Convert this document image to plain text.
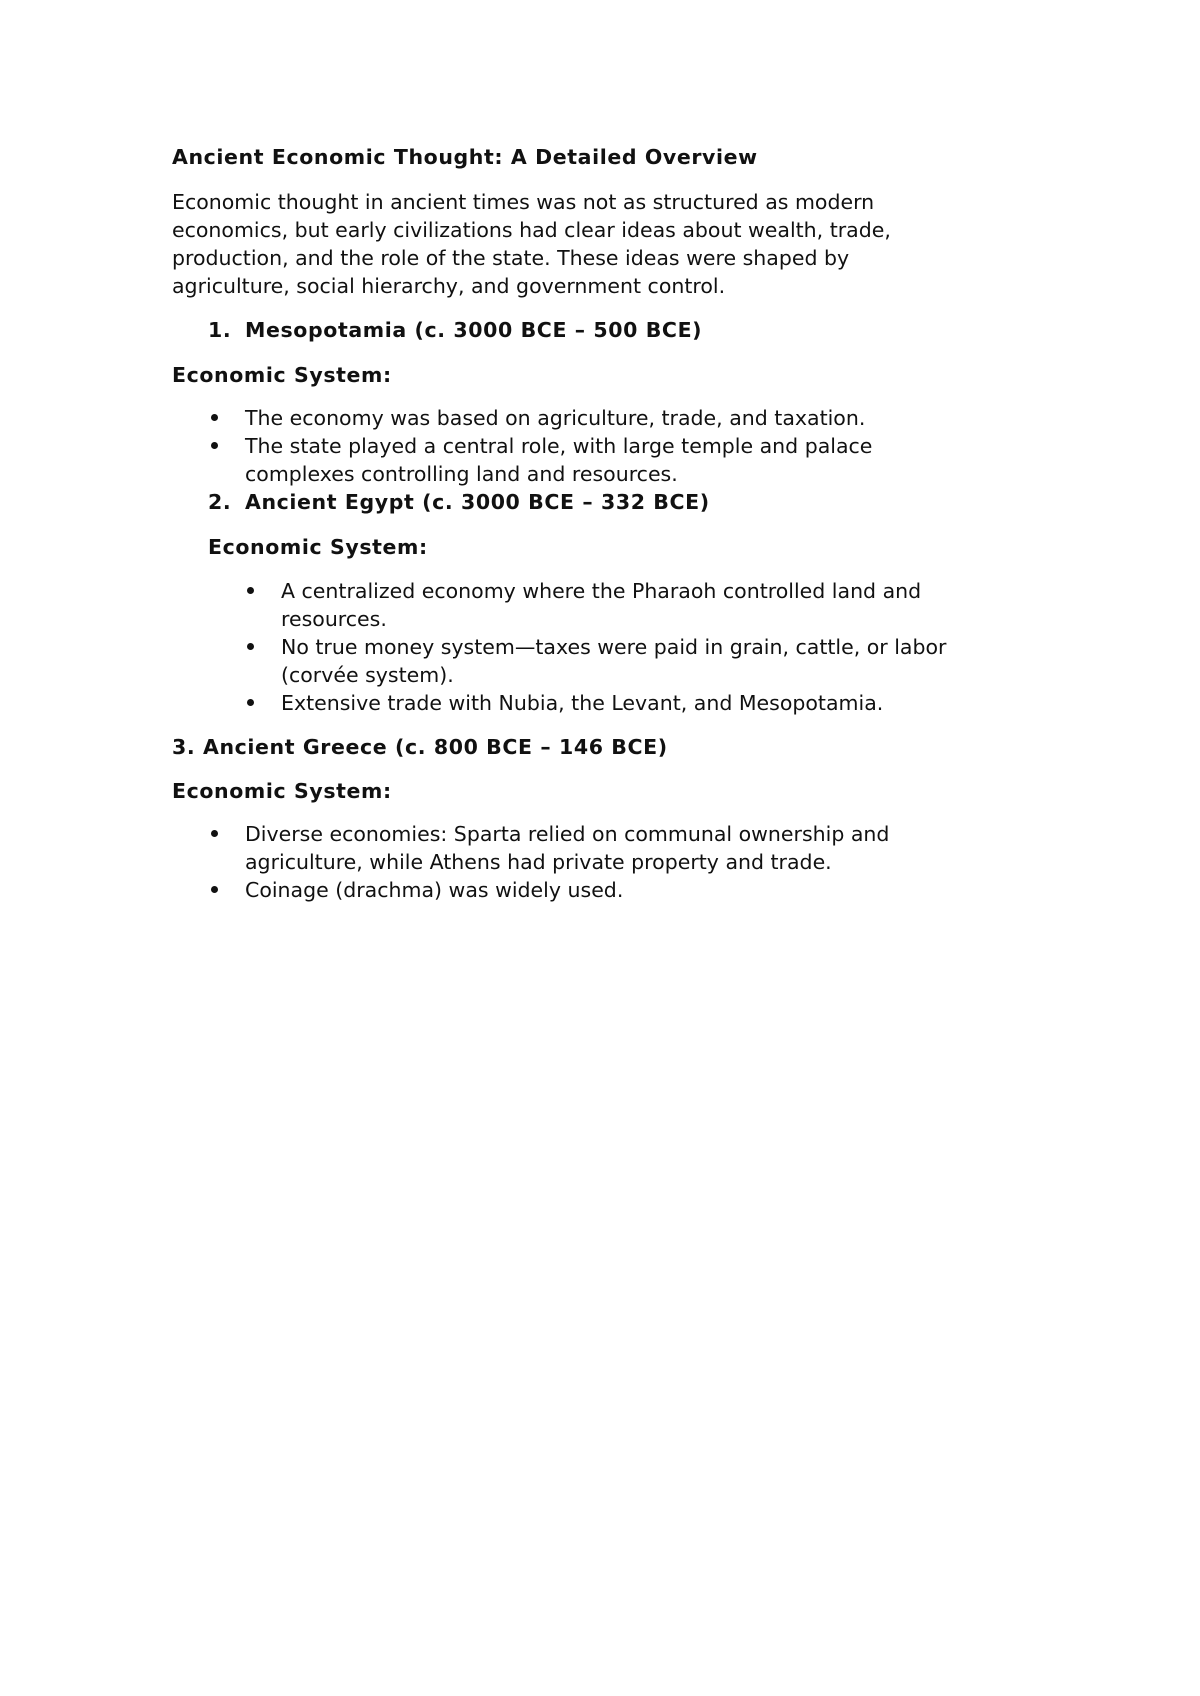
Ancient Economic Thought: A Detailed Overview
Economic thought in ancient times was not as structured as modern
economics, but early civilizations had clear ideas about wealth, trade,
production, and the role of the state. These ideas were shaped by
agriculture, social hierarchy, and government control.
1. Mesopotamia (c. 3000 BCE – 500 BCE)
Economic System:
The economy was based on agriculture, trade, and taxation.
The state played a central role, with large temple and palace
complexes controlling land and resources.
2. Ancient Egypt (c. 3000 BCE – 332 BCE)
Economic System:
A centralized economy where the Pharaoh controlled land and
resources.
No true money system—taxes were paid in grain, cattle, or labor
(corvée system).
Extensive trade with Nubia, the Levant, and Mesopotamia.
3. Ancient Greece (c. 800 BCE – 146 BCE)
Economic System:
Diverse economies: Sparta relied on communal ownership and
agriculture, while Athens had private property and trade.
Coinage (drachma) was widely used.
